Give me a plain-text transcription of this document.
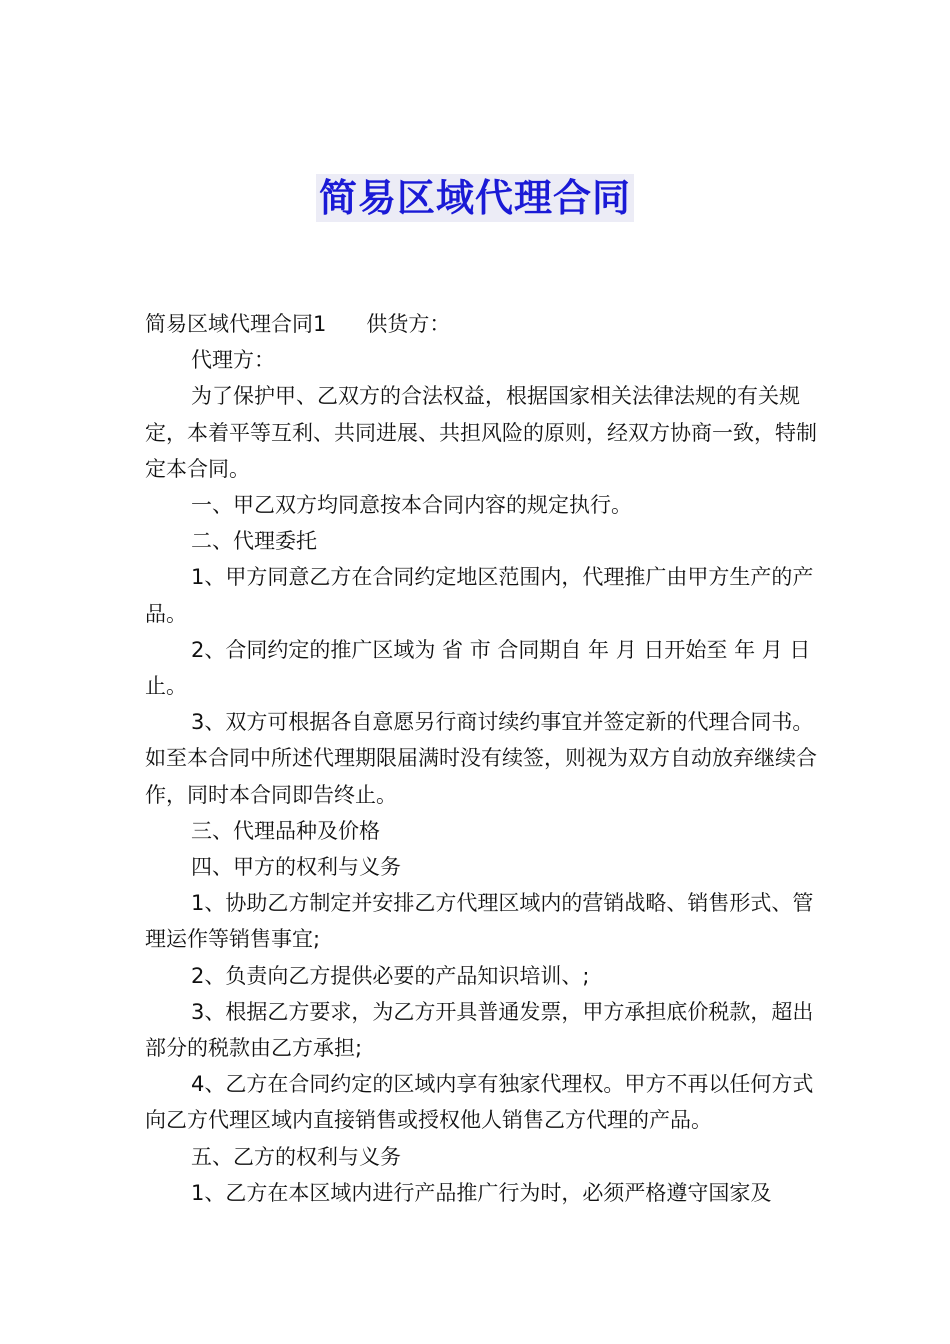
简易区域代理合同

简易区域代理合同1 供货方：

代理方：

为了保护甲、乙双方的合法权益，根据国家相关法律法规的有关规定，本着平等互利、共同进展、共担风险的原则，经双方协商一致，特制定本合同。

一、甲乙双方均同意按本合同内容的规定执行。

二、代理委托

1、甲方同意乙方在合同约定地区范围内，代理推广由甲方生产的产品。

2、合同约定的推广区域为 省 市 合同期自 年 月 日开始至 年 月 日止。

3、双方可根据各自意愿另行商讨续约事宜并签定新的代理合同书。如至本合同中所述代理期限届满时没有续签，则视为双方自动放弃继续合作，同时本合同即告终止。

三、代理品种及价格

四、甲方的权利与义务

1、协助乙方制定并安排乙方代理区域内的营销战略、销售形式、管理运作等销售事宜;

2、负责向乙方提供必要的产品知识培训、;

3、根据乙方要求，为乙方开具普通发票，甲方承担底价税款，超出部分的税款由乙方承担;

4、乙方在合同约定的区域内享有独家代理权。甲方不再以任何方式向乙方代理区域内直接销售或授权他人销售乙方代理的产品。

五、乙方的权利与义务

1、乙方在本区域内进行产品推广行为时，必须严格遵守国家及
